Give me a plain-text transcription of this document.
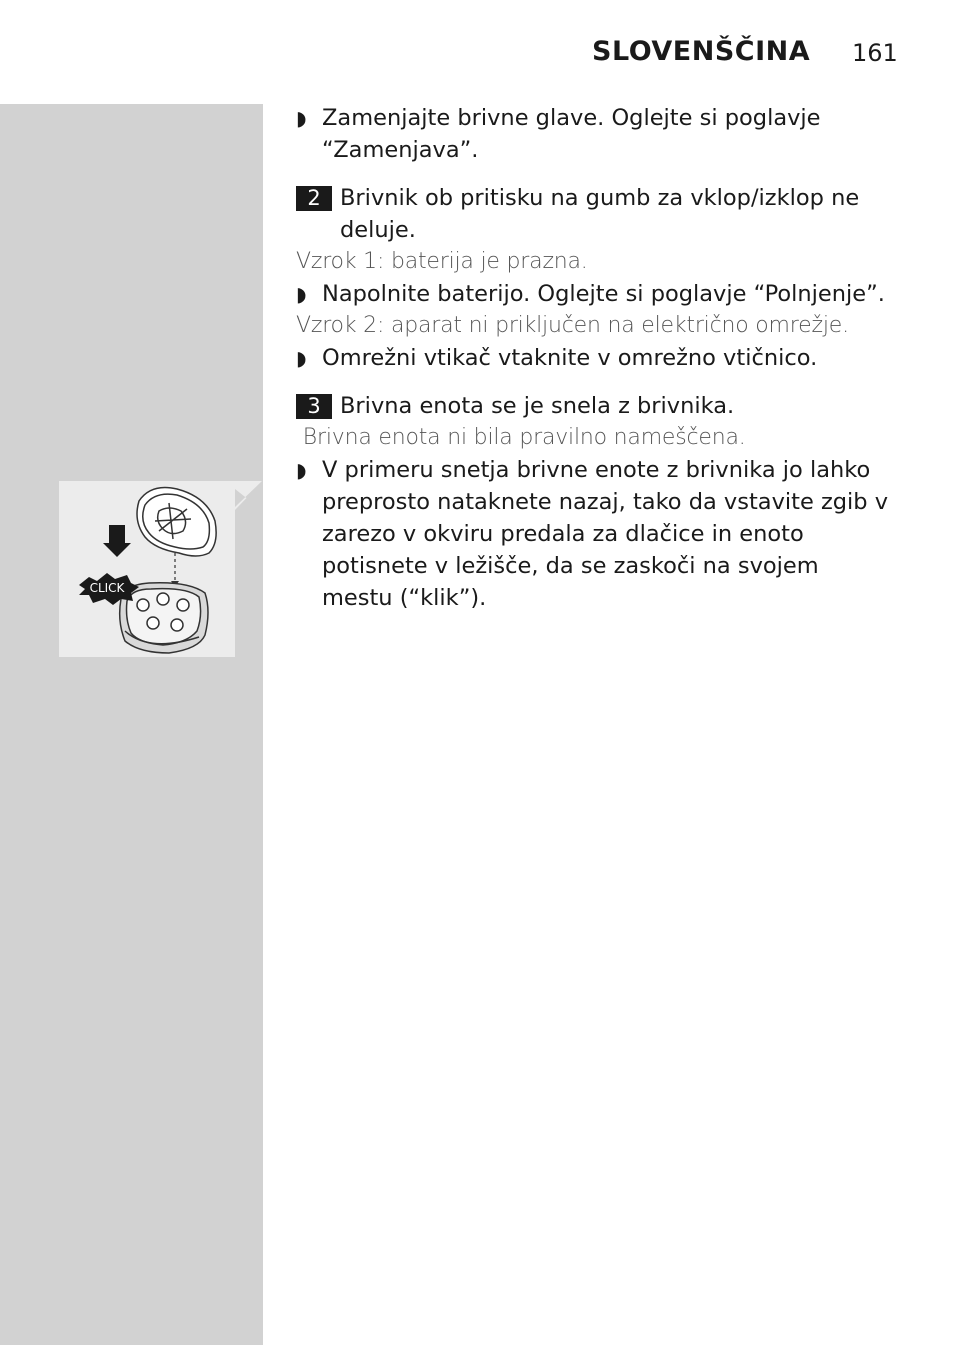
SLOVENŠČINA 161
CLICK
◗ Zamenjajte brivne glave. Oglejte si poglavje “Zamenjava”.
2 Brivnik ob pritisku na gumb za vklop/izklop ne deluje.
Vzrok 1: baterija je prazna.
◗ Napolnite baterijo. Oglejte si poglavje “Polnjenje”.
Vzrok 2: aparat ni priključen na električno omrežje.
◗ Omrežni vtikač vtaknite v omrežno vtičnico.
3 Brivna enota se je snela z brivnika.
Brivna enota ni bila pravilno nameščena.
◗ V primeru snetja brivne enote z brivnika jo lahko preprosto nataknete nazaj, tako da vstavite zgib v zarezo v okviru predala za dlačice in enoto potisnete v ležišče, da se zaskoči na svojem mestu (“klik”).
